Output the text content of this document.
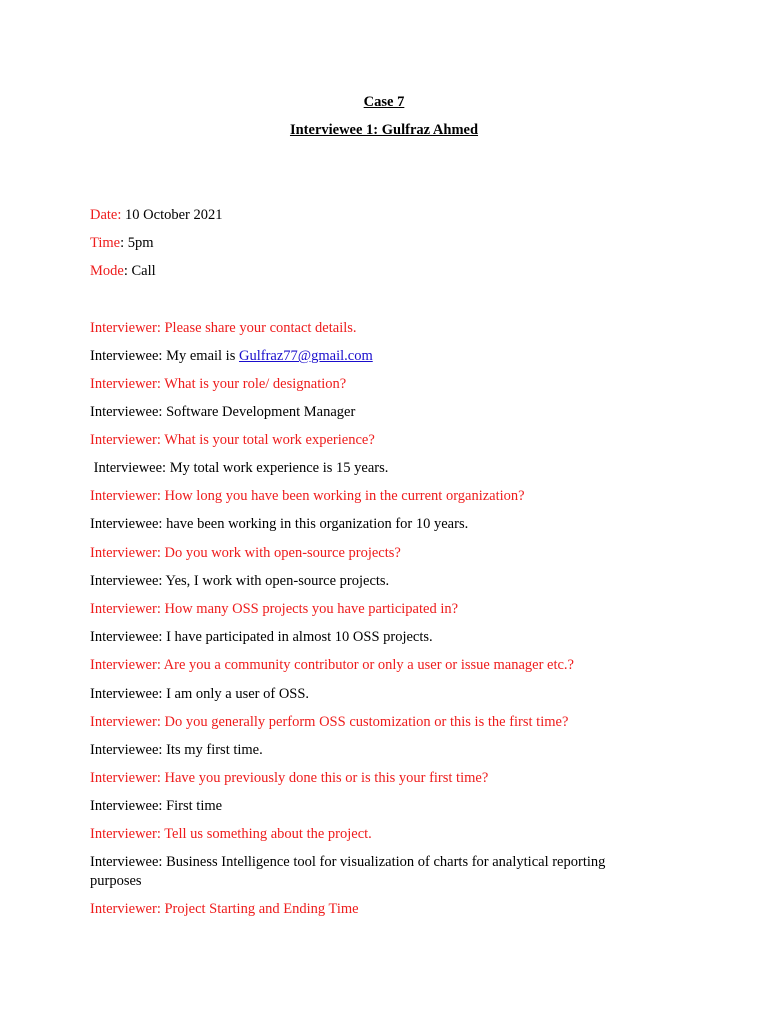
Case 7
Interviewee 1: Gulfraz Ahmed
Date: 10 October 2021
Time: 5pm
Mode: Call
Interviewer: Please share your contact details.
Interviewee: My email is Gulfraz77@gmail.com
Interviewer: What is your role/ designation?
Interviewee: Software Development Manager
Interviewer: What is your total work experience?
Interviewee: My total work experience is 15 years.
Interviewer: How long you have been working in the current organization?
Interviewee: have been working in this organization for 10 years.
Interviewer: Do you work with open-source projects?
Interviewee: Yes, I work with open-source projects.
Interviewer: How many OSS projects you have participated in?
Interviewee: I have participated in almost 10 OSS projects.
Interviewer: Are you a community contributor or only a user or issue manager etc.?
Interviewee: I am only a user of OSS.
Interviewer: Do you generally perform OSS customization or this is the first time?
Interviewee: Its my first time.
Interviewer: Have you previously done this or is this your first time?
Interviewee: First time
Interviewer: Tell us something about the project.
Interviewee: Business Intelligence tool for visualization of charts for analytical reporting purposes
Interviewer: Project Starting and Ending Time
